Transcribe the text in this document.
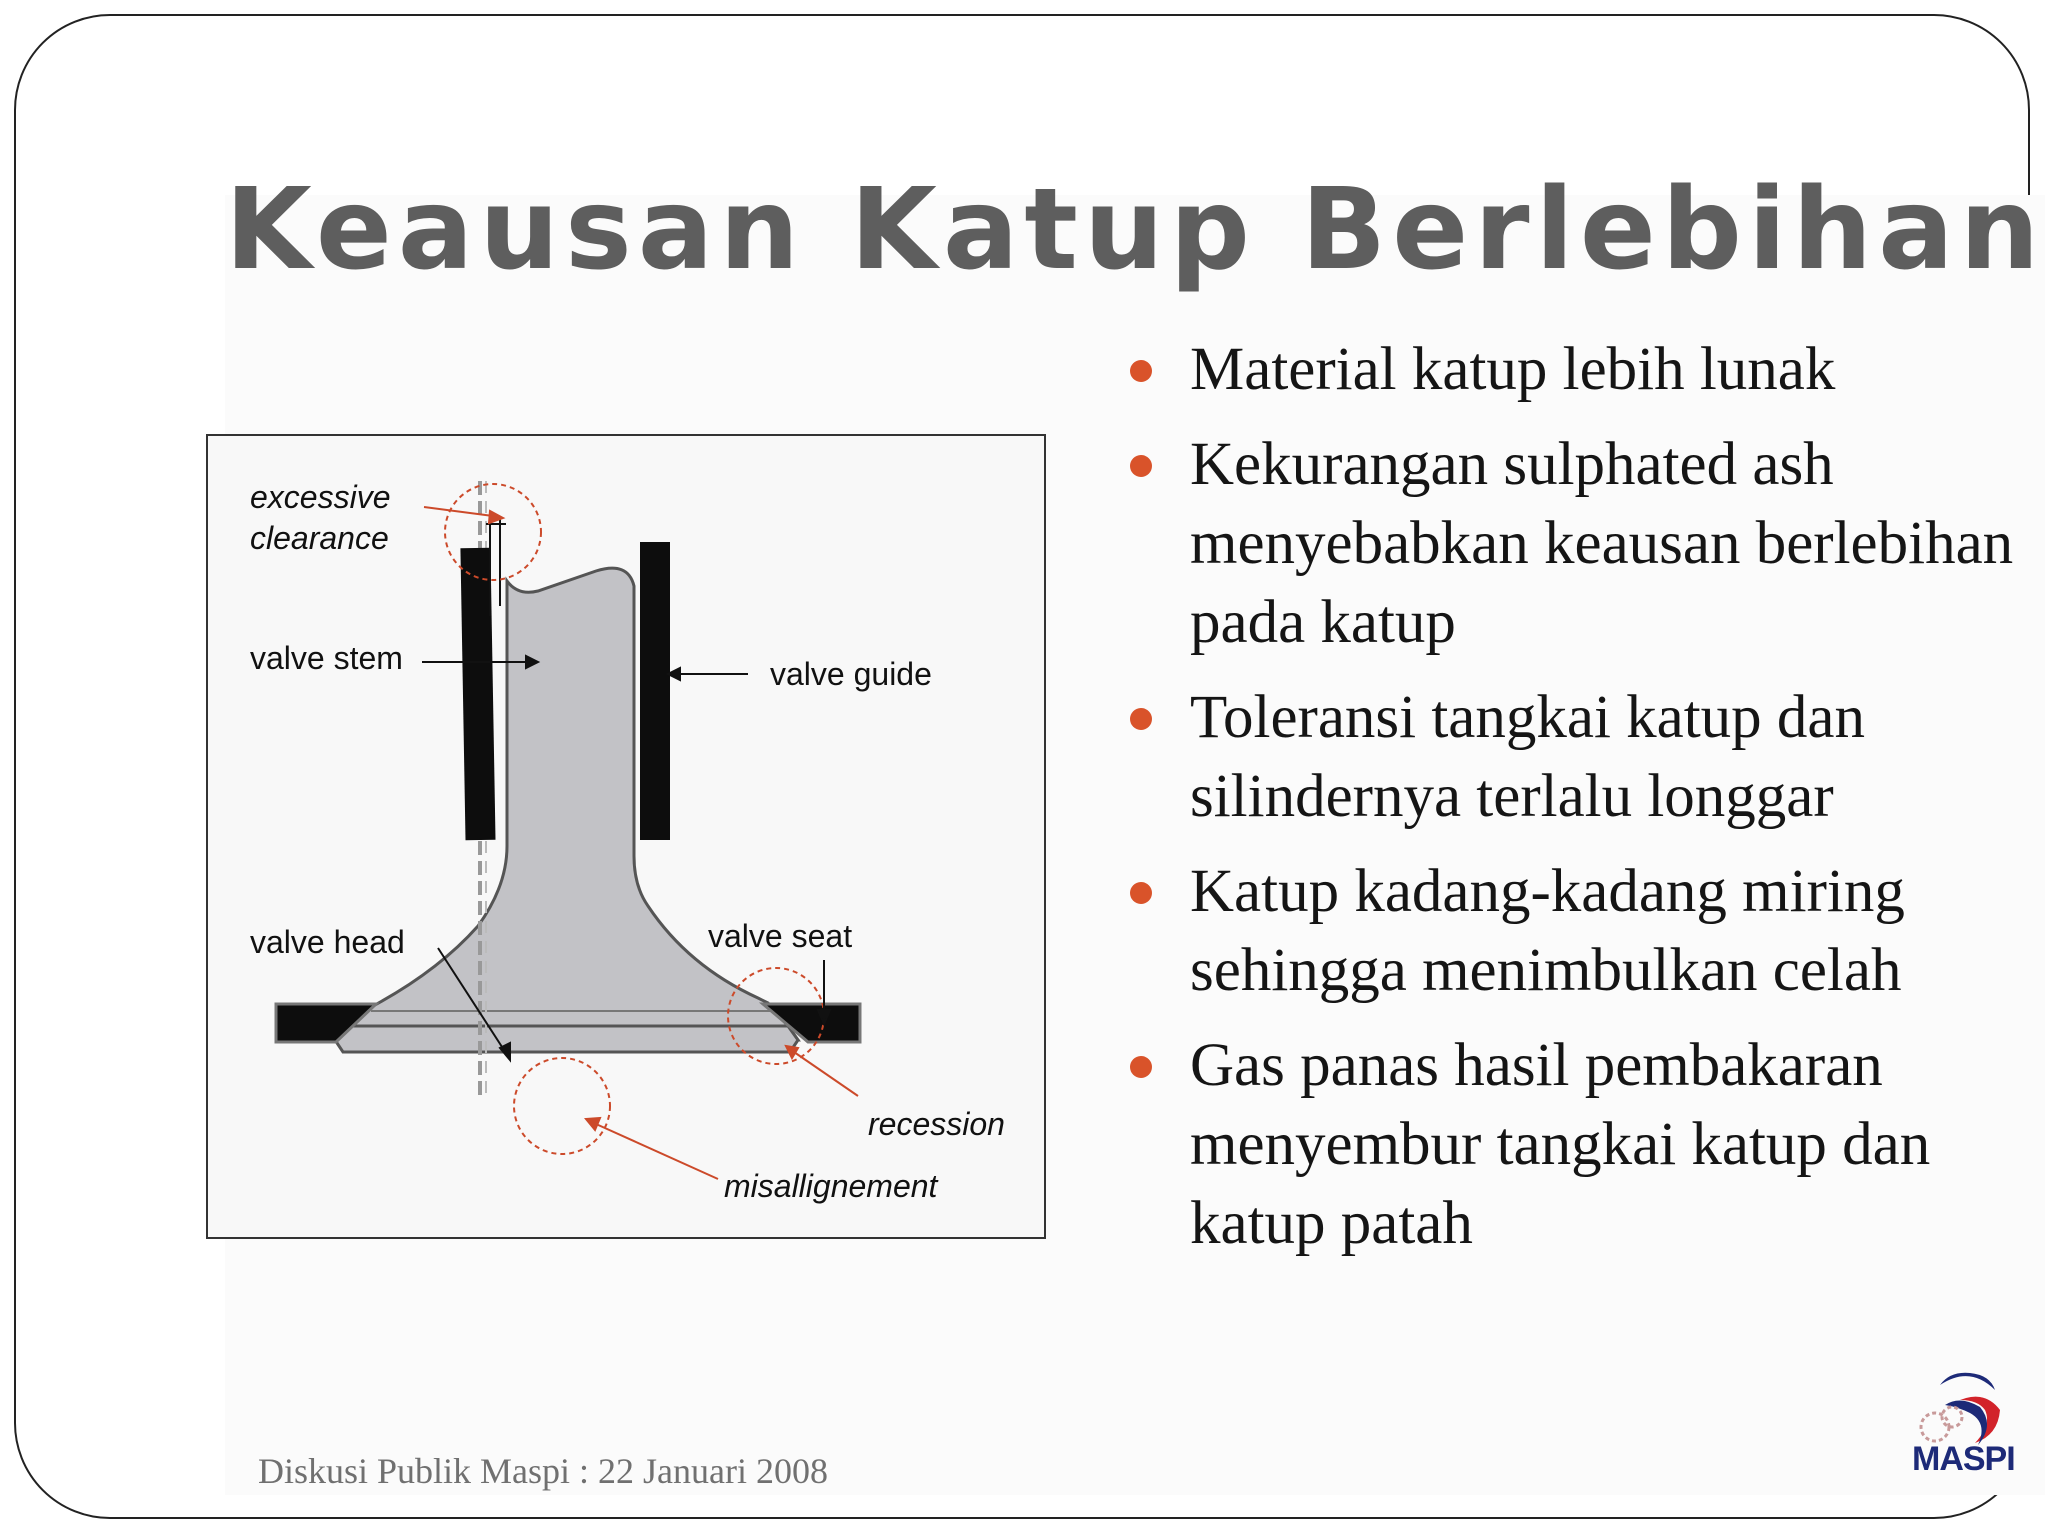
Keausan Katup Berlebihan
excessive
clearance
valve stem	valve guide
valve head	valve seat
recession
misallignement
Material katup lebih lunak
Kekurangan sulphated ash menyebabkan keausan berlebihan pada katup
Toleransi tangkai katup dan silindernya terlalu longgar
Katup kadang-kadang miring sehingga menimbulkan celah
Gas panas hasil pembakaran menyembur tangkai katup dan katup patah
Diskusi Publik Maspi : 22 Januari 2008	MASPI
